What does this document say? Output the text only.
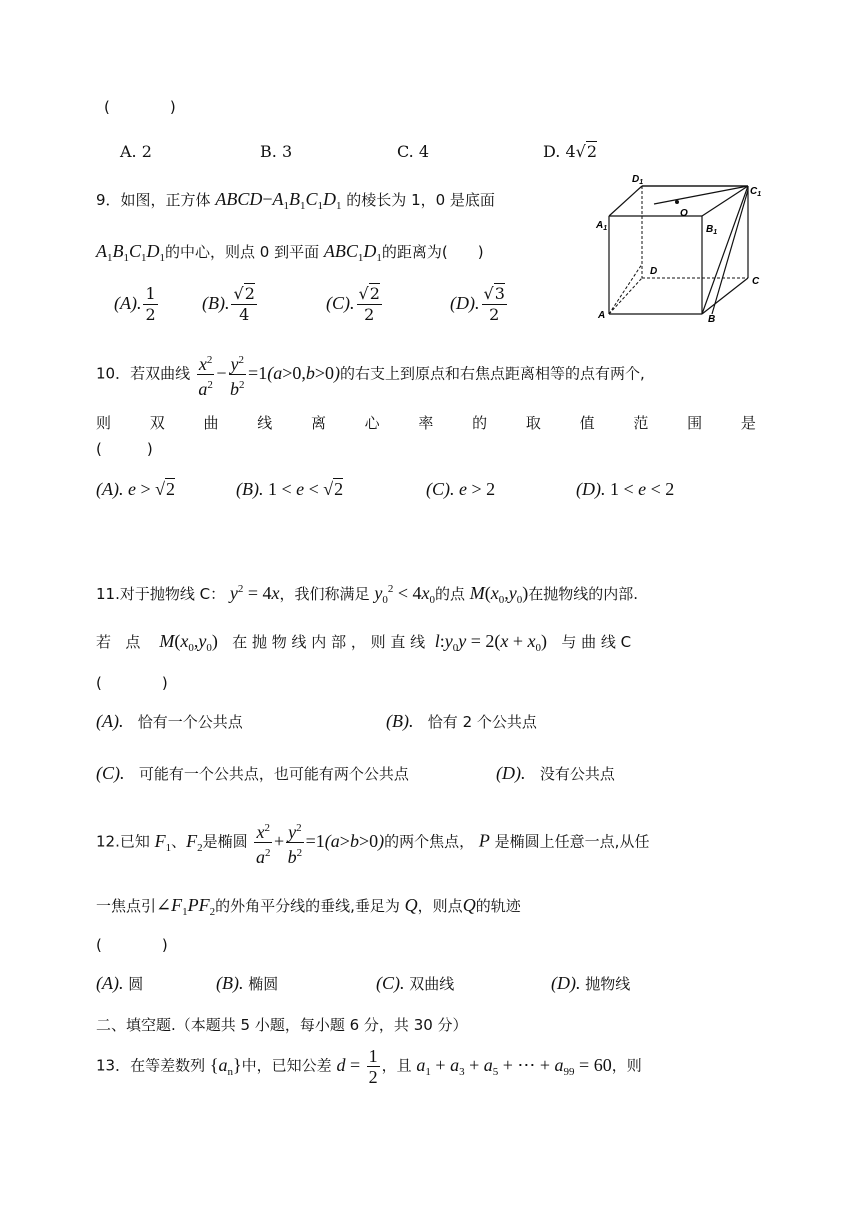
(　　　　)
A. 2	B. 3	C. 4	D. 4√2
9．如图，正方体 $ABCD-A_1B_1C_1D_1$ 的棱长为 1，0 是底面
$A_1B_1C_1D_1$的中心，则点 0 到平面 $ABC_1D_1$的距离为(　　)
(A). $\frac{1}{2} (B)$. $\frac{√2}{4}$	(C). $\frac{√2}{2}$	(D). $\frac{√3}{2}$
$D_1$
$C_1$
$A_1$	$B_1$
O
D
C
A	B
10．若双曲线 $\frac{x^2}{a^2} - \frac{y^2}{b^2} =1(a>0,b>0)$的右支上到原点和右焦点距离相等的点有两个,
则	双	曲	线	离	心	率	的	取	值	范	围	是
(　　　)
(A). e > √2	(B). 1 < e < √2	(C). e > 2	(D). 1 < e < 2
11.对于抛物线 C： $y^2 = 4x$，我们称满足 $y_0^2 < 4x_0$的点 $M(x_0,y_0)$在抛物线的内部.
若 点 $M(x_0,y_0)$ 在 抛 物 线 内 部 ， 则 直 线 $l:y_0y = 2(x + x_0)$ 与 曲 线 C
(　　　　)
(A). 恰有一个公共点	(B). 恰有 2 个公共点
(C). 可能有一个公共点，也可能有两个公共点	(D). 没有公共点
12.已知 $F_1$、$F_2$是椭圆 $\frac{x^2}{a^2} + \frac{y^2}{b^2} =1(a>b>0)$的两个焦点， P 是椭圆上任意一点,从任
一焦点引$\angle F_1PF_2$的外角平分线的垂线,垂足为 Q，则点Q的轨迹
(　　　　)
(A). 圆	(B). 椭圆	(C). 双曲线	(D). 抛物线
二、填空题.（本题共 5 小题，每小题 6 分，共 30 分）
13．在等差数列 $\{a_n\}$中，已知公差 $d = \frac{1}{2}$ ，且 $a_1 + a_3 + a_5$ + ⋯ + $a_{99} = 60$，则
